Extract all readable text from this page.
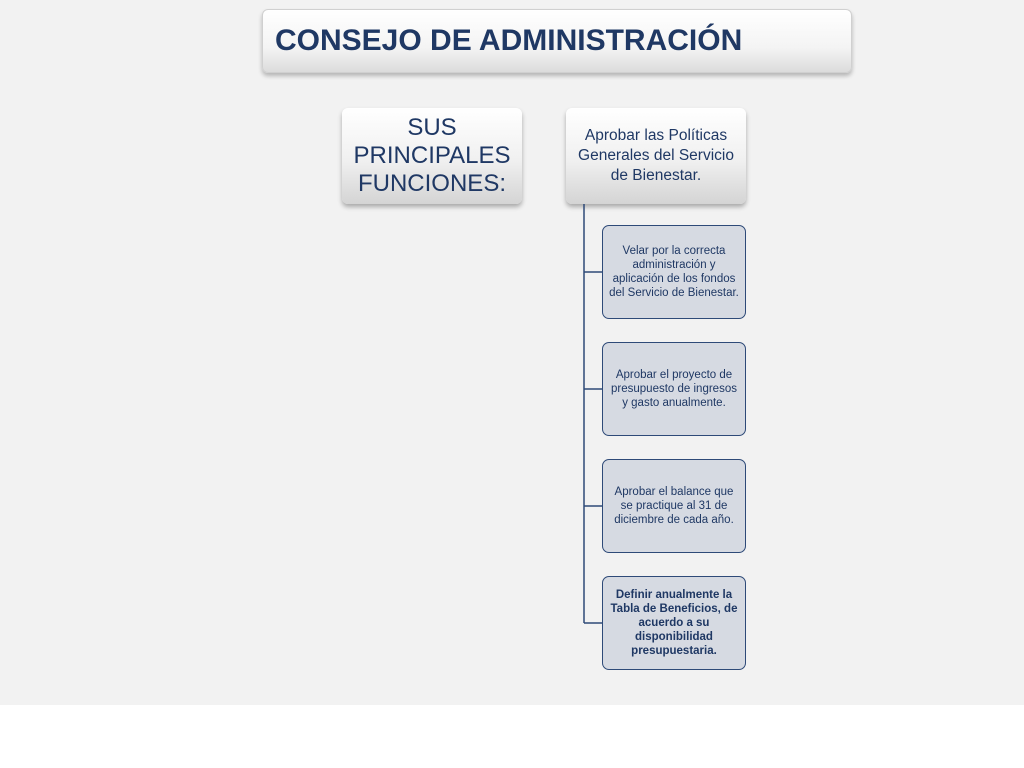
CONSEJO DE ADMINISTRACIÓN
SUS PRINCIPALES FUNCIONES:
Aprobar las Políticas Generales del Servicio de Bienestar.
Velar por la correcta administración y aplicación de los fondos del Servicio de Bienestar.
Aprobar el proyecto de presupuesto de ingresos y gasto anualmente.
Aprobar el balance que se practique al 31 de diciembre de cada año.
Definir anualmente la Tabla de Beneficios, de acuerdo a su disponibilidad presupuestaria.
